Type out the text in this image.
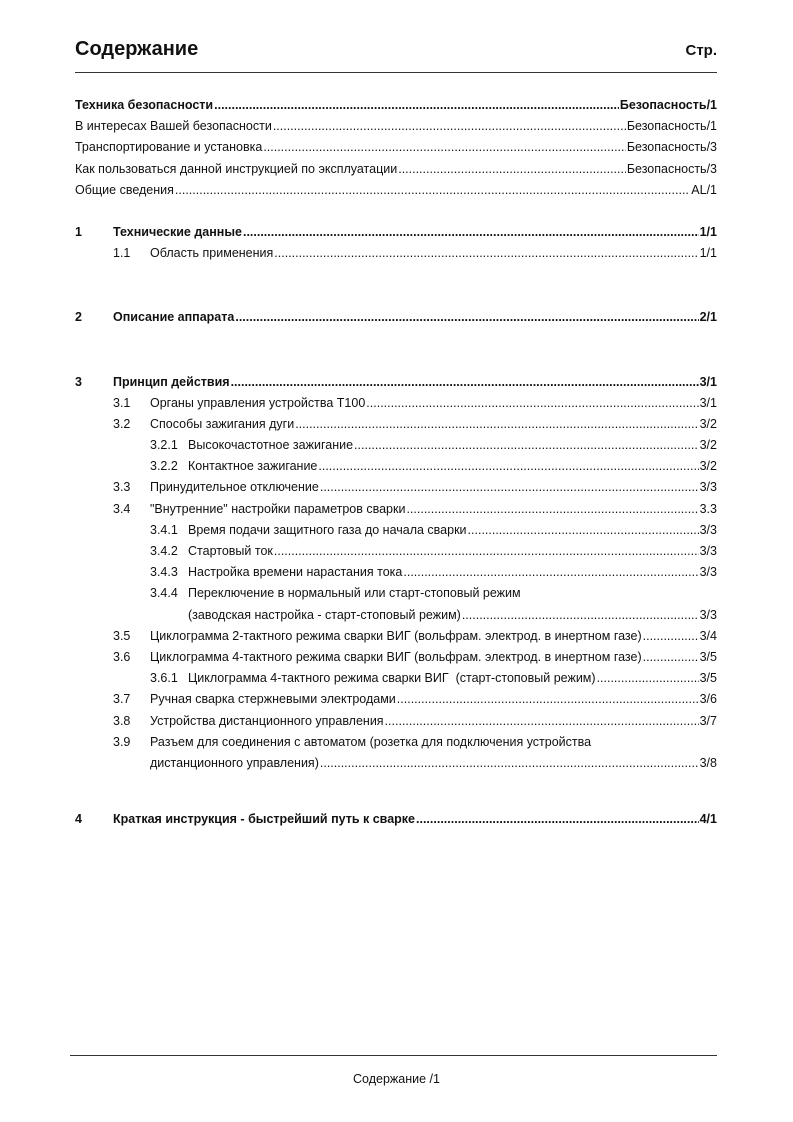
Содержание	Стр.
Техника безопасности .....	Безопасность/1
В интересах Вашей безопасности .....	Безопасность/1
Транспортирование и установка .....	Безопасность/3
Как пользоваться данной инструкцией по эксплуатации .....	Безопасность/3
Общие сведения .....	AL/1
1 Технические данные .....	1/1
1.1 Область применения .....	1/1
2 Описание аппарата .....	2/1
3 Принцип действия .....	3/1
3.1 Органы управления устройства T100 .....	3/1
3.2 Способы зажигания дуги .....	3/2
3.2.1 Высокочастотное зажигание .....	3/2
3.2.2 Контактное зажигание .....	3/2
3.3 Принудительное отключение .....	3/3
3.4 "Внутренние" настройки параметров сварки .....	3.3
3.4.1 Время подачи защитного газа до начала сварки .....	3/3
3.4.2 Стартовый ток .....	3/3
3.4.3 Настройка времени нарастания тока .....	3/3
3.4.4 Переключение в нормальный или старт-стоповый режим
(заводская настройка - старт-стоповый режим) .....	3/3
3.5 Циклограмма 2-тактного режима сварки ВИГ (вольфрам. электрод. в инертном газе) .....	3/4
3.6 Циклограмма 4-тактного режима сварки ВИГ (вольфрам. электрод. в инертном газе) .....	3/5
3.6.1 Циклограмма 4-тактного режима сварки ВИГ  (старт-стоповый режим) .....	3/5
3.7 Ручная сварка стержневыми электродами .....	3/6
3.8 Устройства дистанционного управления .....	3/7
3.9 Разъем для соединения с автоматом (розетка для подключения устройства
дистанционного управления) .....	3/8
4 Краткая инструкция - быстрейший путь к сварке .....	4/1
Содержание /1
